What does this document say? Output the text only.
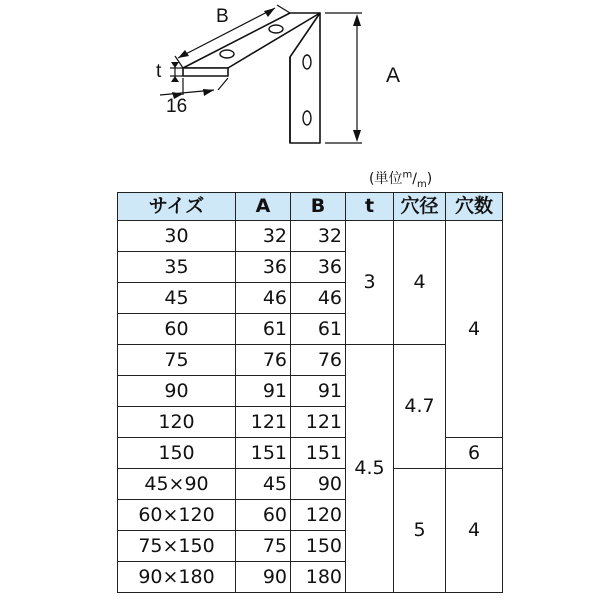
B
t
16
A
(単位$^m/_m$)
サイズ	A	B	t	穴径	穴数
30	32	32	3	4	4
35	36	36			
45	46	46			
60	61	61			
75	76	76	4.5	4.7	
90	91	91			
120	121	121			
150	151	151			6
45×90	45	90		5	4
60×120	60	120			
75×150	75	150			
90×180	90	180			
